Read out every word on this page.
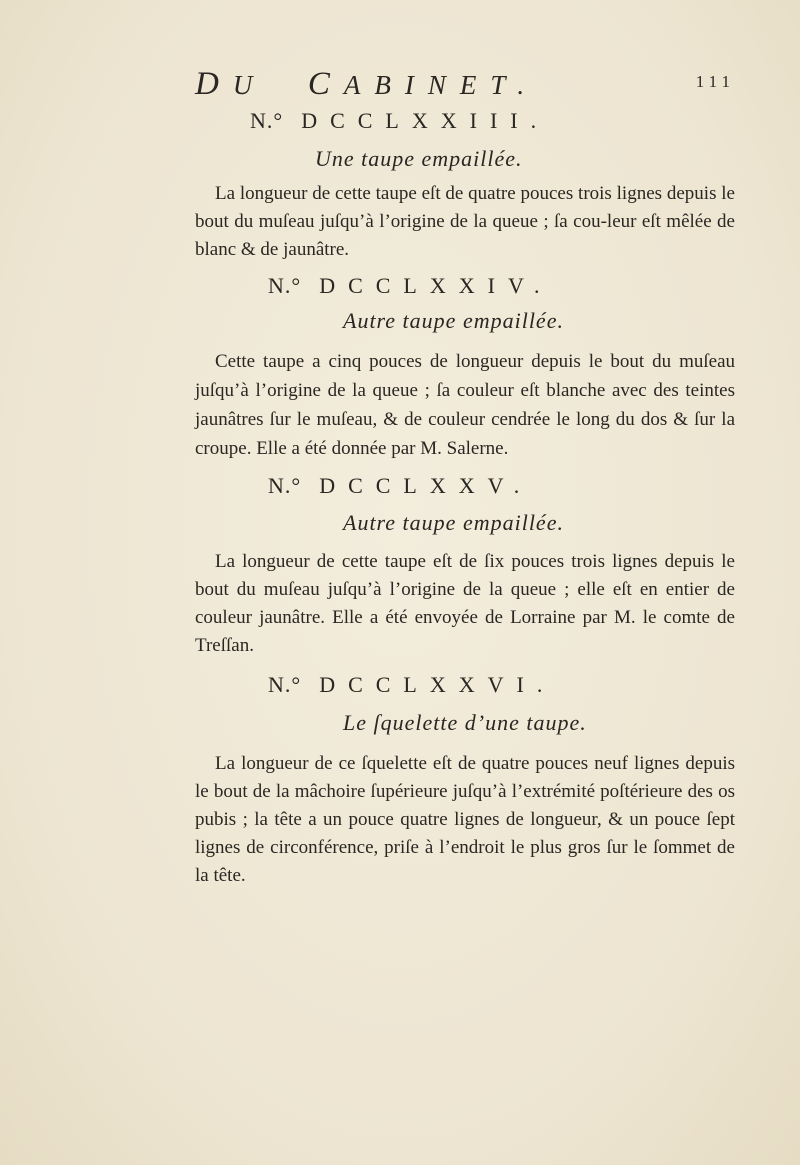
DU CABINET.	111
N.° DCCLXXIII.
Une taupe empaillée.
La longueur de cette taupe eſt de quatre pouces trois lignes depuis le bout du muſeau juſqu’à l’origine de la queue ; ſa cou-leur eſt mêlée de blanc & de jaunâtre.
N.° DCCLXXIV.
Autre taupe empaillée.
Cette taupe a cinq pouces de longueur depuis le bout du muſeau juſqu’à l’origine de la queue ; ſa couleur eſt blanche avec des teintes jaunâtres ſur le muſeau, & de couleur cendrée le long du dos & ſur la croupe. Elle a été donnée par M. Salerne.
N.° DCCLXXV.
Autre taupe empaillée.
La longueur de cette taupe eſt de ſix pouces trois lignes depuis le bout du muſeau juſqu’à l’origine de la queue ; elle eſt en entier de couleur jaunâtre. Elle a été envoyée de Lorraine par M. le comte de Treſſan.
N.° DCCLXXVI.
Le ſquelette d’une taupe.
La longueur de ce ſquelette eſt de quatre pouces neuf lignes depuis le bout de la mâchoire ſupérieure juſqu’à l’extrémité poſtérieure des os pubis ; la tête a un pouce quatre lignes de longueur, & un pouce ſept lignes de circonférence, priſe à l’endroit le plus gros ſur le ſommet de la tête.
